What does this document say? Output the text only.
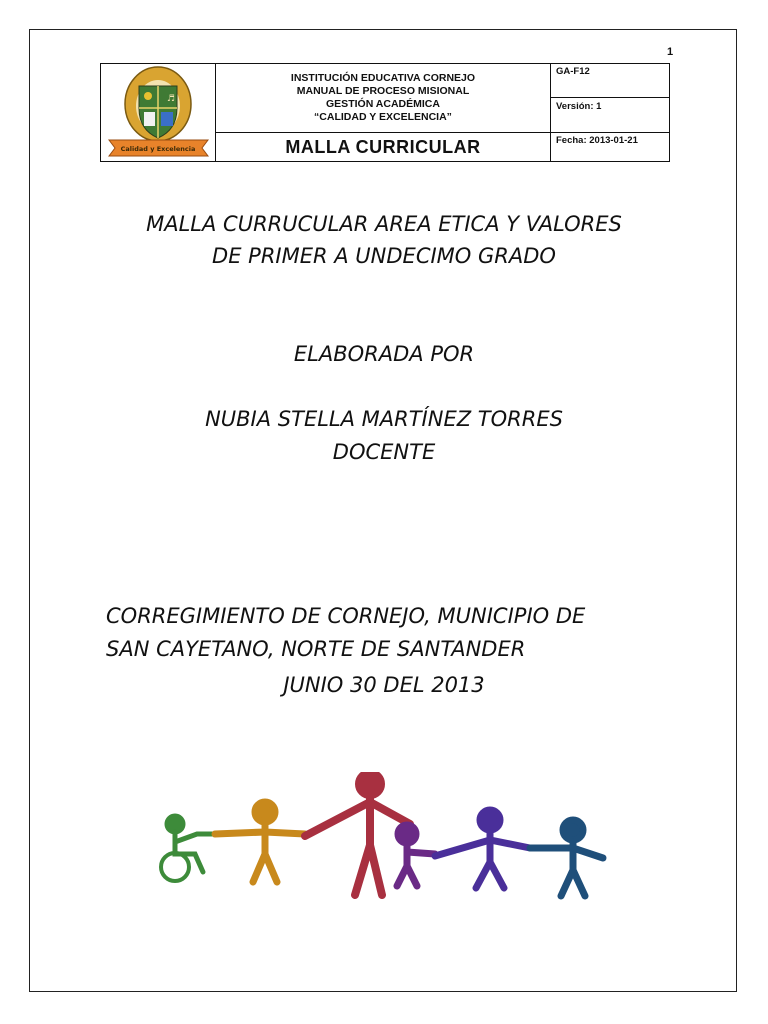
1
♬
Calidad y Excelencia
INSTITUCIÓN EDUCATIVA CORNEJO
MANUAL DE PROCESO MISIONAL
GESTIÓN ACADÉMICA
“CALIDAD Y EXCELENCIA”
MALLA CURRICULAR
GA-F12
Versión: 1
Fecha: 2013-01-21
MALLA CURRUCULAR AREA ETICA Y VALORES
DE PRIMER A UNDECIMO GRADO
ELABORADA POR
NUBIA STELLA MARTÍNEZ TORRES
DOCENTE
CORREGIMIENTO DE CORNEJO, MUNICIPIO DE
SAN CAYETANO, NORTE DE SANTANDER
JUNIO 30 DEL 2013
